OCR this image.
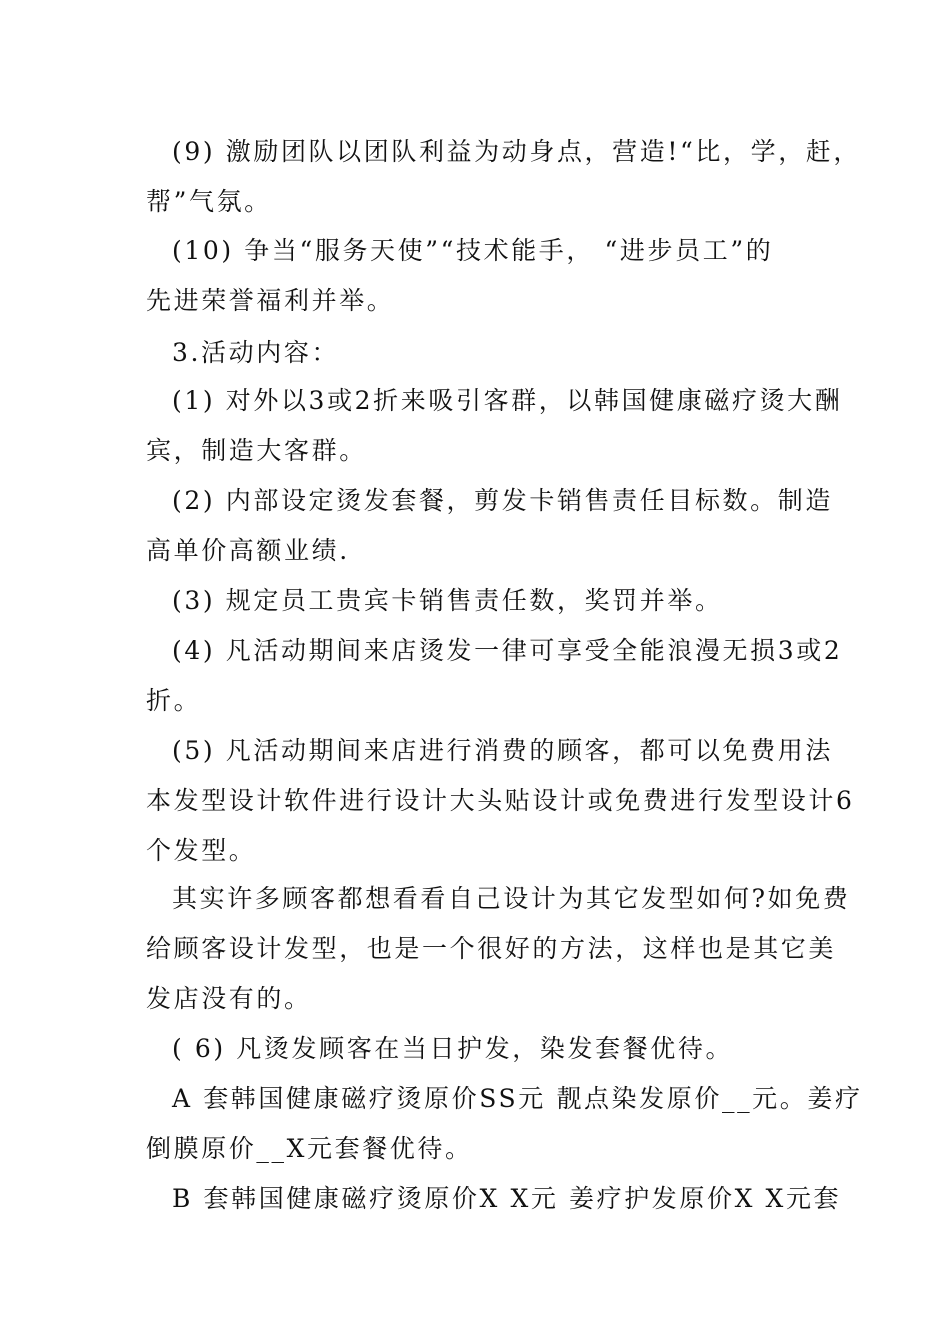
(9) 激励团队以团队利益为动身点，营造!“比，学，赶，
帮”气氛。
(10) 争当“服务天使”“技术能手， “进步员工”的
先进荣誉福利并举。
3.活动内容：
(1) 对外以3或2折来吸引客群，以韩国健康磁疗烫大酬
宾，制造大客群。
(2) 内部设定烫发套餐，剪发卡销售责任目标数。制造
高单价高额业绩.
(3) 规定员工贵宾卡销售责任数，奖罚并举。
(4) 凡活动期间来店烫发一律可享受全能浪漫无损3或2
折。
(5) 凡活动期间来店进行消费的顾客，都可以免费用法
本发型设计软件进行设计大头贴设计或免费进行发型设计6
个发型。
其实许多顾客都想看看自己设计为其它发型如何?如免费
给顾客设计发型，也是一个很好的方法，这样也是其它美
发店没有的。
( 6) 凡烫发顾客在当日护发，染发套餐优待。
A 套韩国健康磁疗烫原价SS元 靓点染发原价__元。姜疗
倒膜原价__X元套餐优待。
B 套韩国健康磁疗烫原价X X元 姜疗护发原价X X元套
